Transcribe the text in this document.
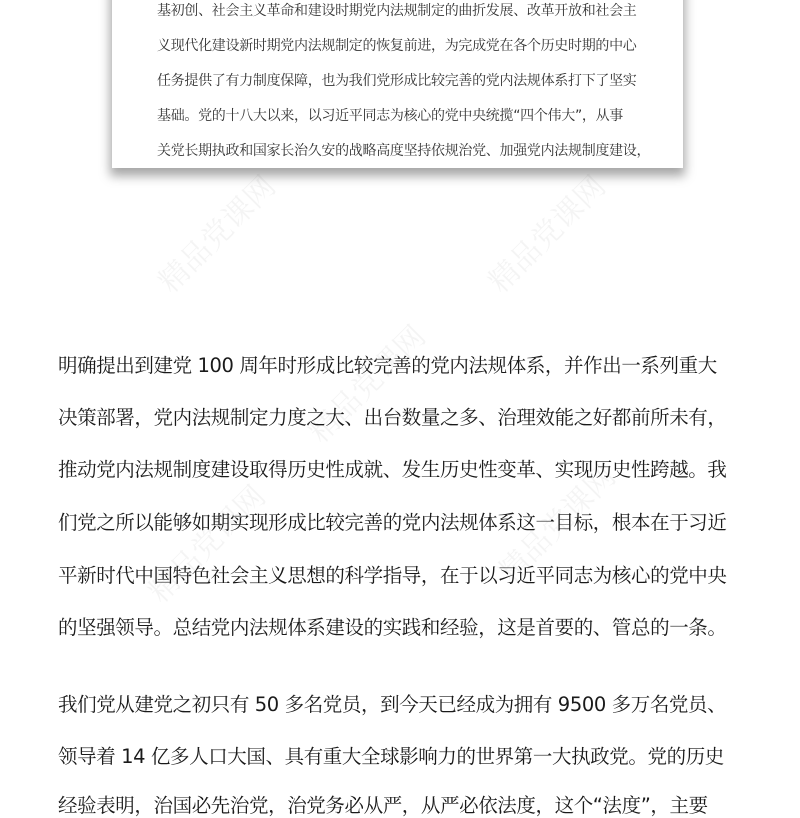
基初创、社会主义革命和建设时期党内法规制定的曲折发展、改革开放和社会主
义现代化建设新时期党内法规制定的恢复前进，为完成党在各个历史时期的中心
任务提供了有力制度保障，也为我们党形成比较完善的党内法规体系打下了坚实
基础。党的十八大以来，以习近平同志为核心的党中央统揽“四个伟大”，从事
关党长期执政和国家长治久安的战略高度坚持依规治党、加强党内法规制度建设，
明确提出到建党 100 周年时形成比较完善的党内法规体系，并作出一系列重大
决策部署，党内法规制定力度之大、出台数量之多、治理效能之好都前所未有，
推动党内法规制度建设取得历史性成就、发生历史性变革、实现历史性跨越。我
们党之所以能够如期实现形成比较完善的党内法规体系这一目标，根本在于习近
平新时代中国特色社会主义思想的科学指导，在于以习近平同志为核心的党中央
的坚强领导。总结党内法规体系建设的实践和经验，这是首要的、管总的一条。
我们党从建党之初只有 50 多名党员，到今天已经成为拥有 9500 多万名党员、
领导着 14 亿多人口大国、具有重大全球影响力的世界第一大执政党。党的历史
经验表明，治国必先治党，治党务必从严，从严必依法度，这个“法度”，主要
